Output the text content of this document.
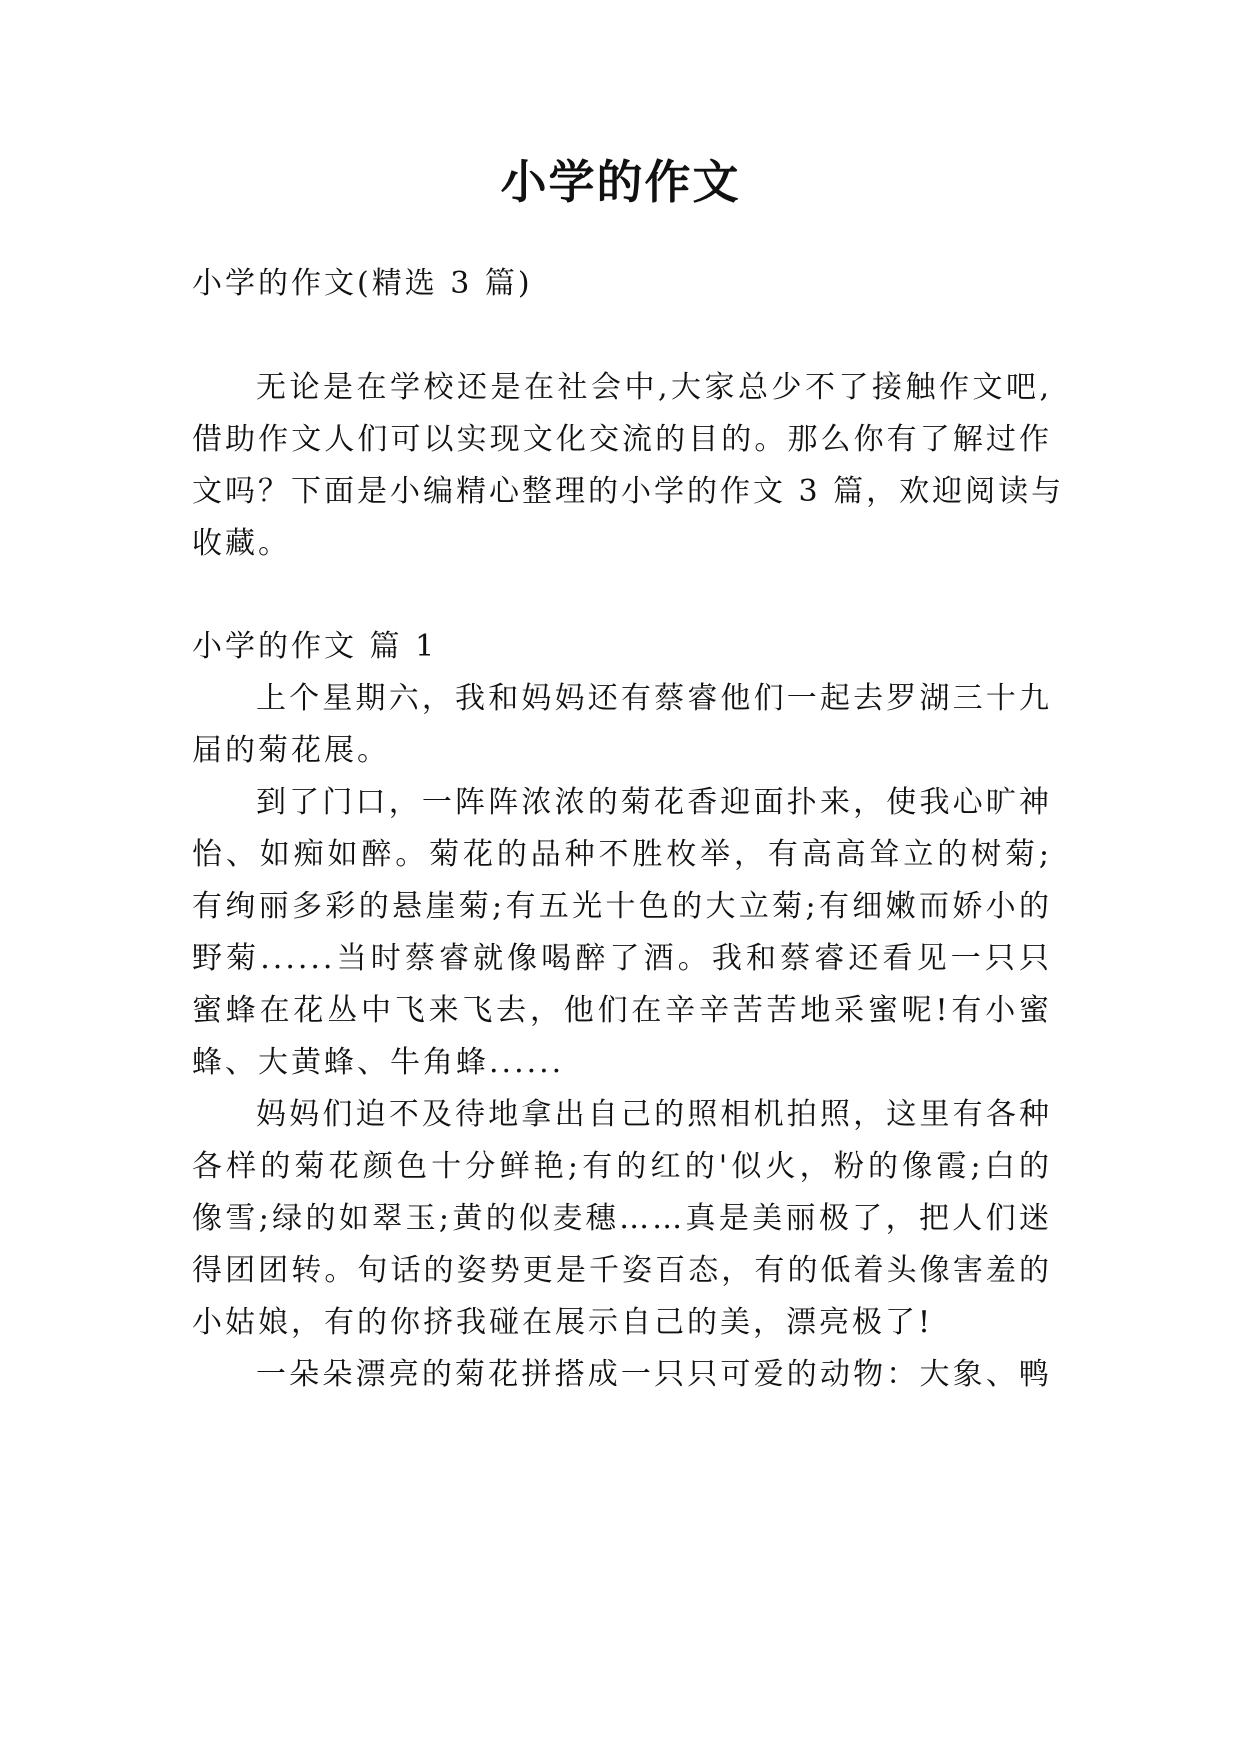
小学的作文
小学的作文(精选 3 篇)
无论是在学校还是在社会中,大家总少不了接触作文吧,
借助作文人们可以实现文化交流的目的。那么你有了解过作
文吗？下面是小编精心整理的小学的作文 3 篇，欢迎阅读与
收藏。
小学的作文 篇 1
上个星期六，我和妈妈还有蔡睿他们一起去罗湖三十九
届的菊花展。
到了门口，一阵阵浓浓的菊花香迎面扑来，使我心旷神
怡、如痴如醉。菊花的品种不胜枚举，有高高耸立的树菊;
有绚丽多彩的悬崖菊;有五光十色的大立菊;有细嫩而娇小的
野菊......当时蔡睿就像喝醉了酒。我和蔡睿还看见一只只
蜜蜂在花丛中飞来飞去，他们在辛辛苦苦地采蜜呢!有小蜜
蜂、大黄蜂、牛角蜂......
妈妈们迫不及待地拿出自己的照相机拍照，这里有各种
各样的菊花颜色十分鲜艳;有的红的'似火，粉的像霞;白的
像雪;绿的如翠玉;黄的似麦穗……真是美丽极了，把人们迷
得团团转。句话的姿势更是千姿百态，有的低着头像害羞的
小姑娘，有的你挤我碰在展示自己的美，漂亮极了!
一朵朵漂亮的菊花拼搭成一只只可爱的动物：大象、鸭
